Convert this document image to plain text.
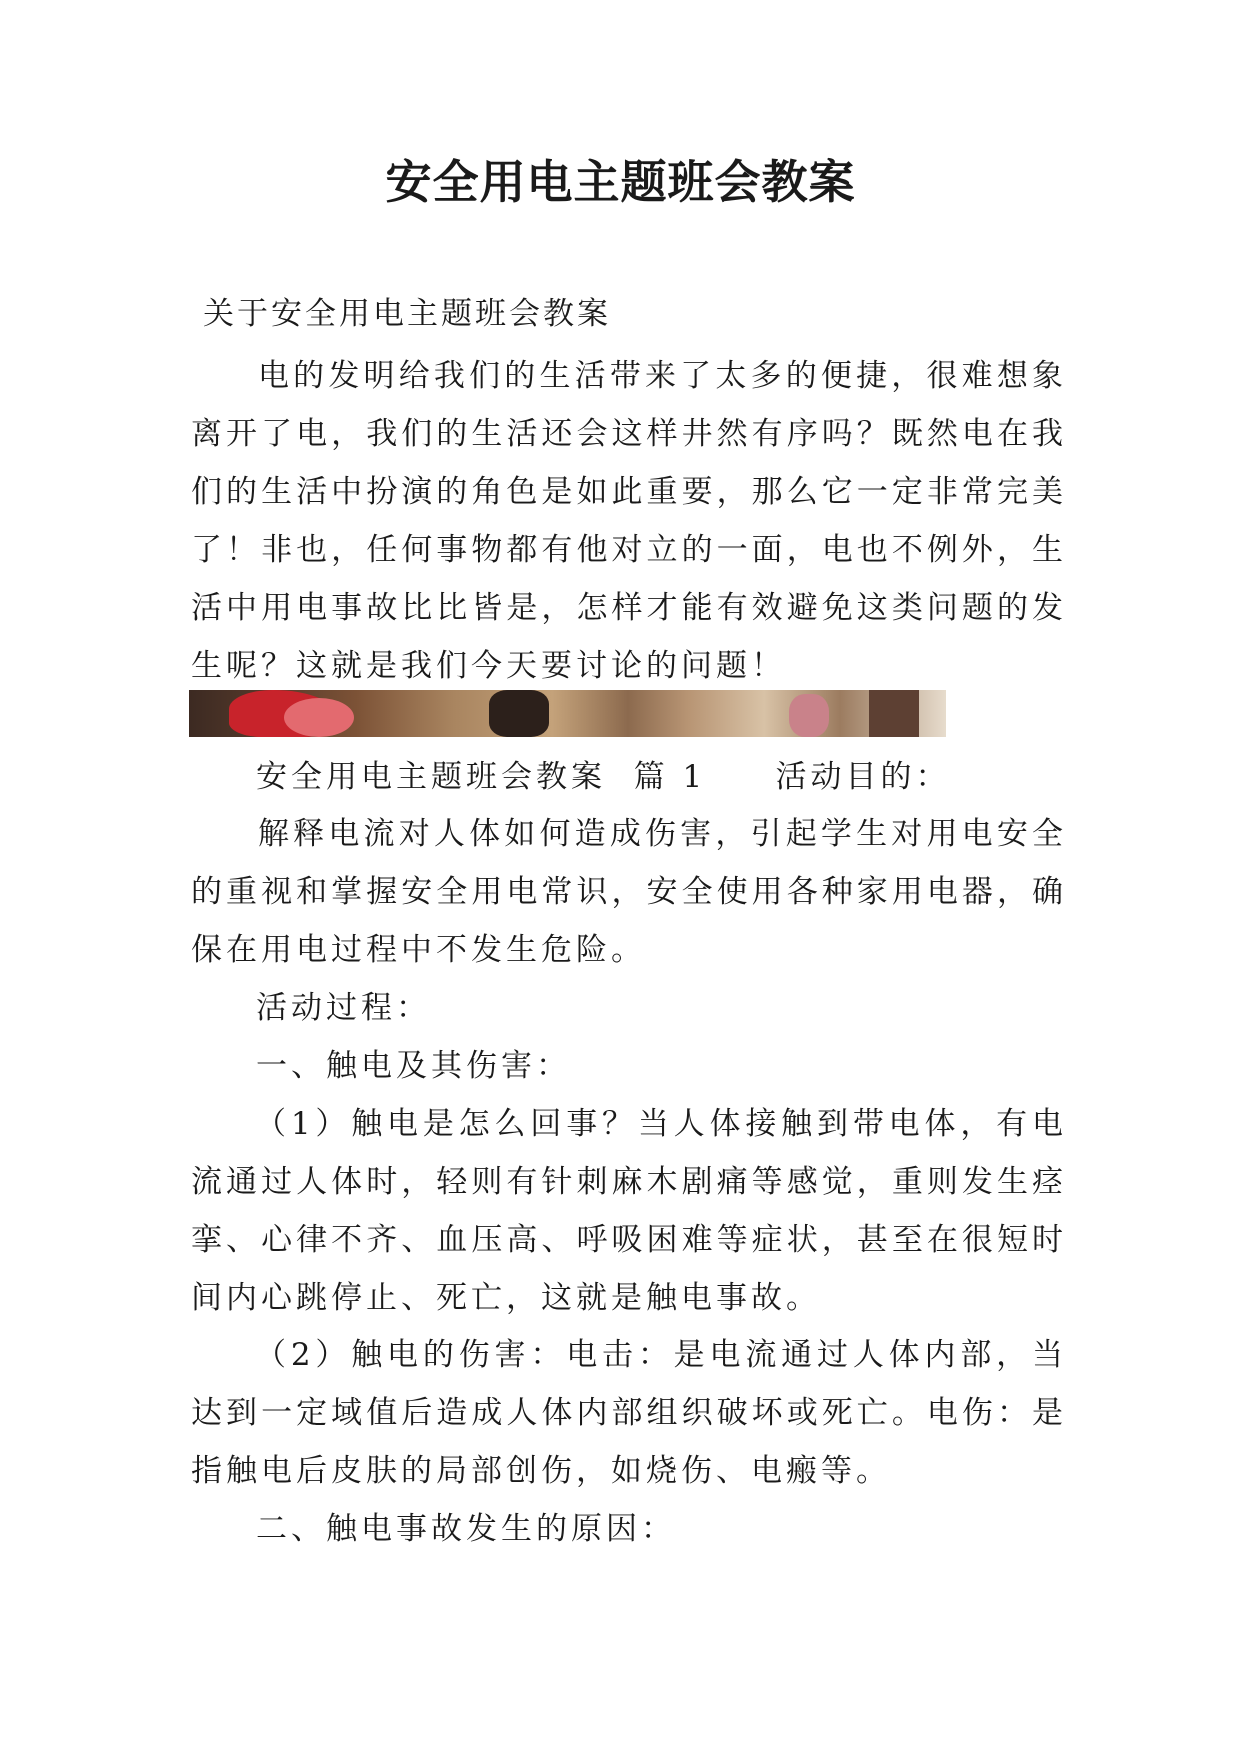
安全用电主题班会教案
关于安全用电主题班会教案

电的发明给我们的生活带来了太多的便捷，很难想象离开了电，我们的生活还会这样井然有序吗？既然电在我们的生活中扮演的角色是如此重要，那么它一定非常完美了！非也，任何事物都有他对立的一面，电也不例外，生活中用电事故比比皆是，怎样才能有效避免这类问题的发生呢？这就是我们今天要讨论的问题！

安全用电主题班会教案  篇 1     活动目的：

解释电流对人体如何造成伤害，引起学生对用电安全的重视和掌握安全用电常识，安全使用各种家用电器，确保在用电过程中不发生危险。

活动过程：
一、触电及其伤害：

（1）触电是怎么回事？当人体接触到带电体，有电流通过人体时，轻则有针刺麻木剧痛等感觉，重则发生痉挛、心律不齐、血压高、呼吸困难等症状，甚至在很短时间内心跳停止、死亡，这就是触电事故。

（2）触电的伤害：电击：是电流通过人体内部，当达到一定域值后造成人体内部组织破坏或死亡。电伤：是指触电后皮肤的局部创伤，如烧伤、电瘢等。

二、触电事故发生的原因：
